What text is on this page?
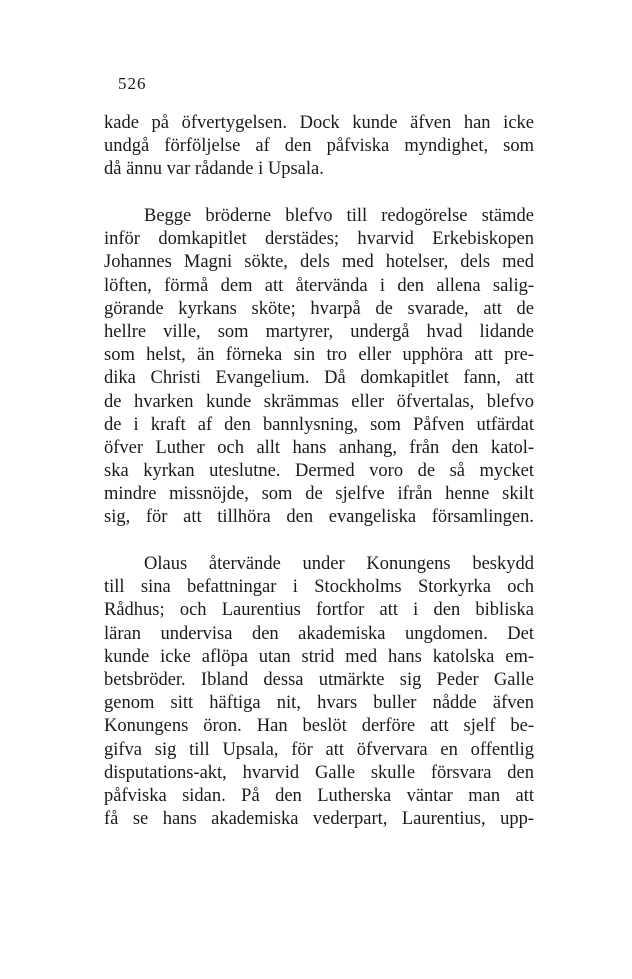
526
kade på öfvertygelsen. Dock kunde äfven han icke
undgå förföljelse af den påfviska myndighet, som
då ännu var rådande i Upsala.
Begge bröderne blefvo till redogörelse stämde
inför domkapitlet derstädes; hvarvid Erkebiskopen
Johannes Magni sökte, dels med hotelser, dels med
löften, förmå dem att återvända i den allena salig-
görande kyrkans sköte; hvarpå de svarade, att de
hellre ville, som martyrer, undergå hvad lidande
som helst, än förneka sin tro eller upphöra att pre-
dika Christi Evangelium. Då domkapitlet fann, att
de hvarken kunde skrämmas eller öfvertalas, blefvo
de i kraft af den bannlysning, som Påfven utfärdat
öfver Luther och allt hans anhang, från den katol-
ska kyrkan uteslutne. Dermed voro de så mycket
mindre missnöjde, som de sjelfve ifrån henne skilt
sig, för att tillhöra den evangeliska församlingen.
Olaus återvände under Konungens beskydd
till sina befattningar i Stockholms Storkyrka och
Rådhus; och Laurentius fortfor att i den bibliska
läran undervisa den akademiska ungdomen. Det
kunde icke aflöpa utan strid med hans katolska em-
betsbröder. Ibland dessa utmärkte sig Peder Galle
genom sitt häftiga nit, hvars buller nådde äfven
Konungens öron. Han beslöt derföre att sjelf be-
gifva sig till Upsala, för att öfvervara en offentlig
disputations-akt, hvarvid Galle skulle försvara den
påfviska sidan. På den Lutherska väntar man att
få se hans akademiska vederpart, Laurentius, upp-
